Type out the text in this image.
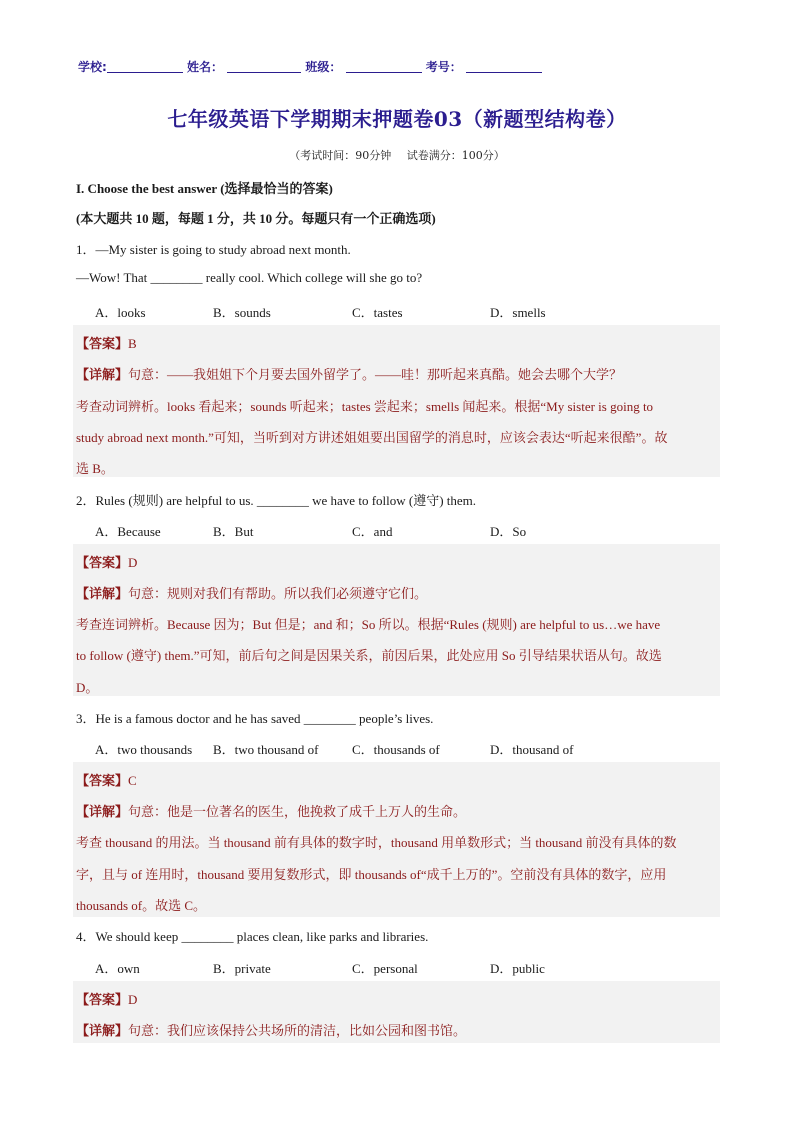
学校:	姓名：	班级：	考号：
七年级英语下学期期末押题卷03（新题型结构卷）
（考试时间：90分钟 试卷满分：100分）
I. Choose the best answer (选择最恰当的答案)
(本大题共 10 题，每题 1 分，共 10 分。每题只有一个正确选项)
1．—My sister is going to study abroad next month.
—Wow! That ________ really cool. Which college will she go to?
A．looks	B．sounds	C．tastes	D．smells
【答案】B
【详解】句意：——我姐姐下个月要去国外留学了。——哇！那听起来真酷。她会去哪个大学？
考查动词辨析。looks 看起来；sounds 听起来；tastes 尝起来；smells 闻起来。根据“My sister is going to
study abroad next month.”可知，当听到对方讲述姐姐要出国留学的消息时，应该会表达“听起来很酷”。故
选 B。
2．Rules (规则) are helpful to us. ________ we have to follow (遵守) them.
A．Because	B．But	C．and	D．So
【答案】D
【详解】句意：规则对我们有帮助。所以我们必须遵守它们。
考查连词辨析。Because 因为；But 但是；and 和；So 所以。根据“Rules (规则) are helpful to us…we have
to follow (遵守) them.”可知，前后句之间是因果关系，前因后果，此处应用 So 引导结果状语从句。故选
D。
3．He is a famous doctor and he has saved ________ people’s lives.
A．two thousands B．two thousand of	C．thousands of	D．thousand of
【答案】C
【详解】句意：他是一位著名的医生，他挽救了成千上万人的生命。
考查 thousand 的用法。当 thousand 前有具体的数字时，thousand 用单数形式；当 thousand 前没有具体的数
字，且与 of 连用时，thousand 要用复数形式，即 thousands of“成千上万的”。空前没有具体的数字，应用
thousands of。故选 C。
4．We should keep ________ places clean, like parks and libraries.
A．own	B．private	C．personal	D．public
【答案】D
【详解】句意：我们应该保持公共场所的清洁，比如公园和图书馆。
